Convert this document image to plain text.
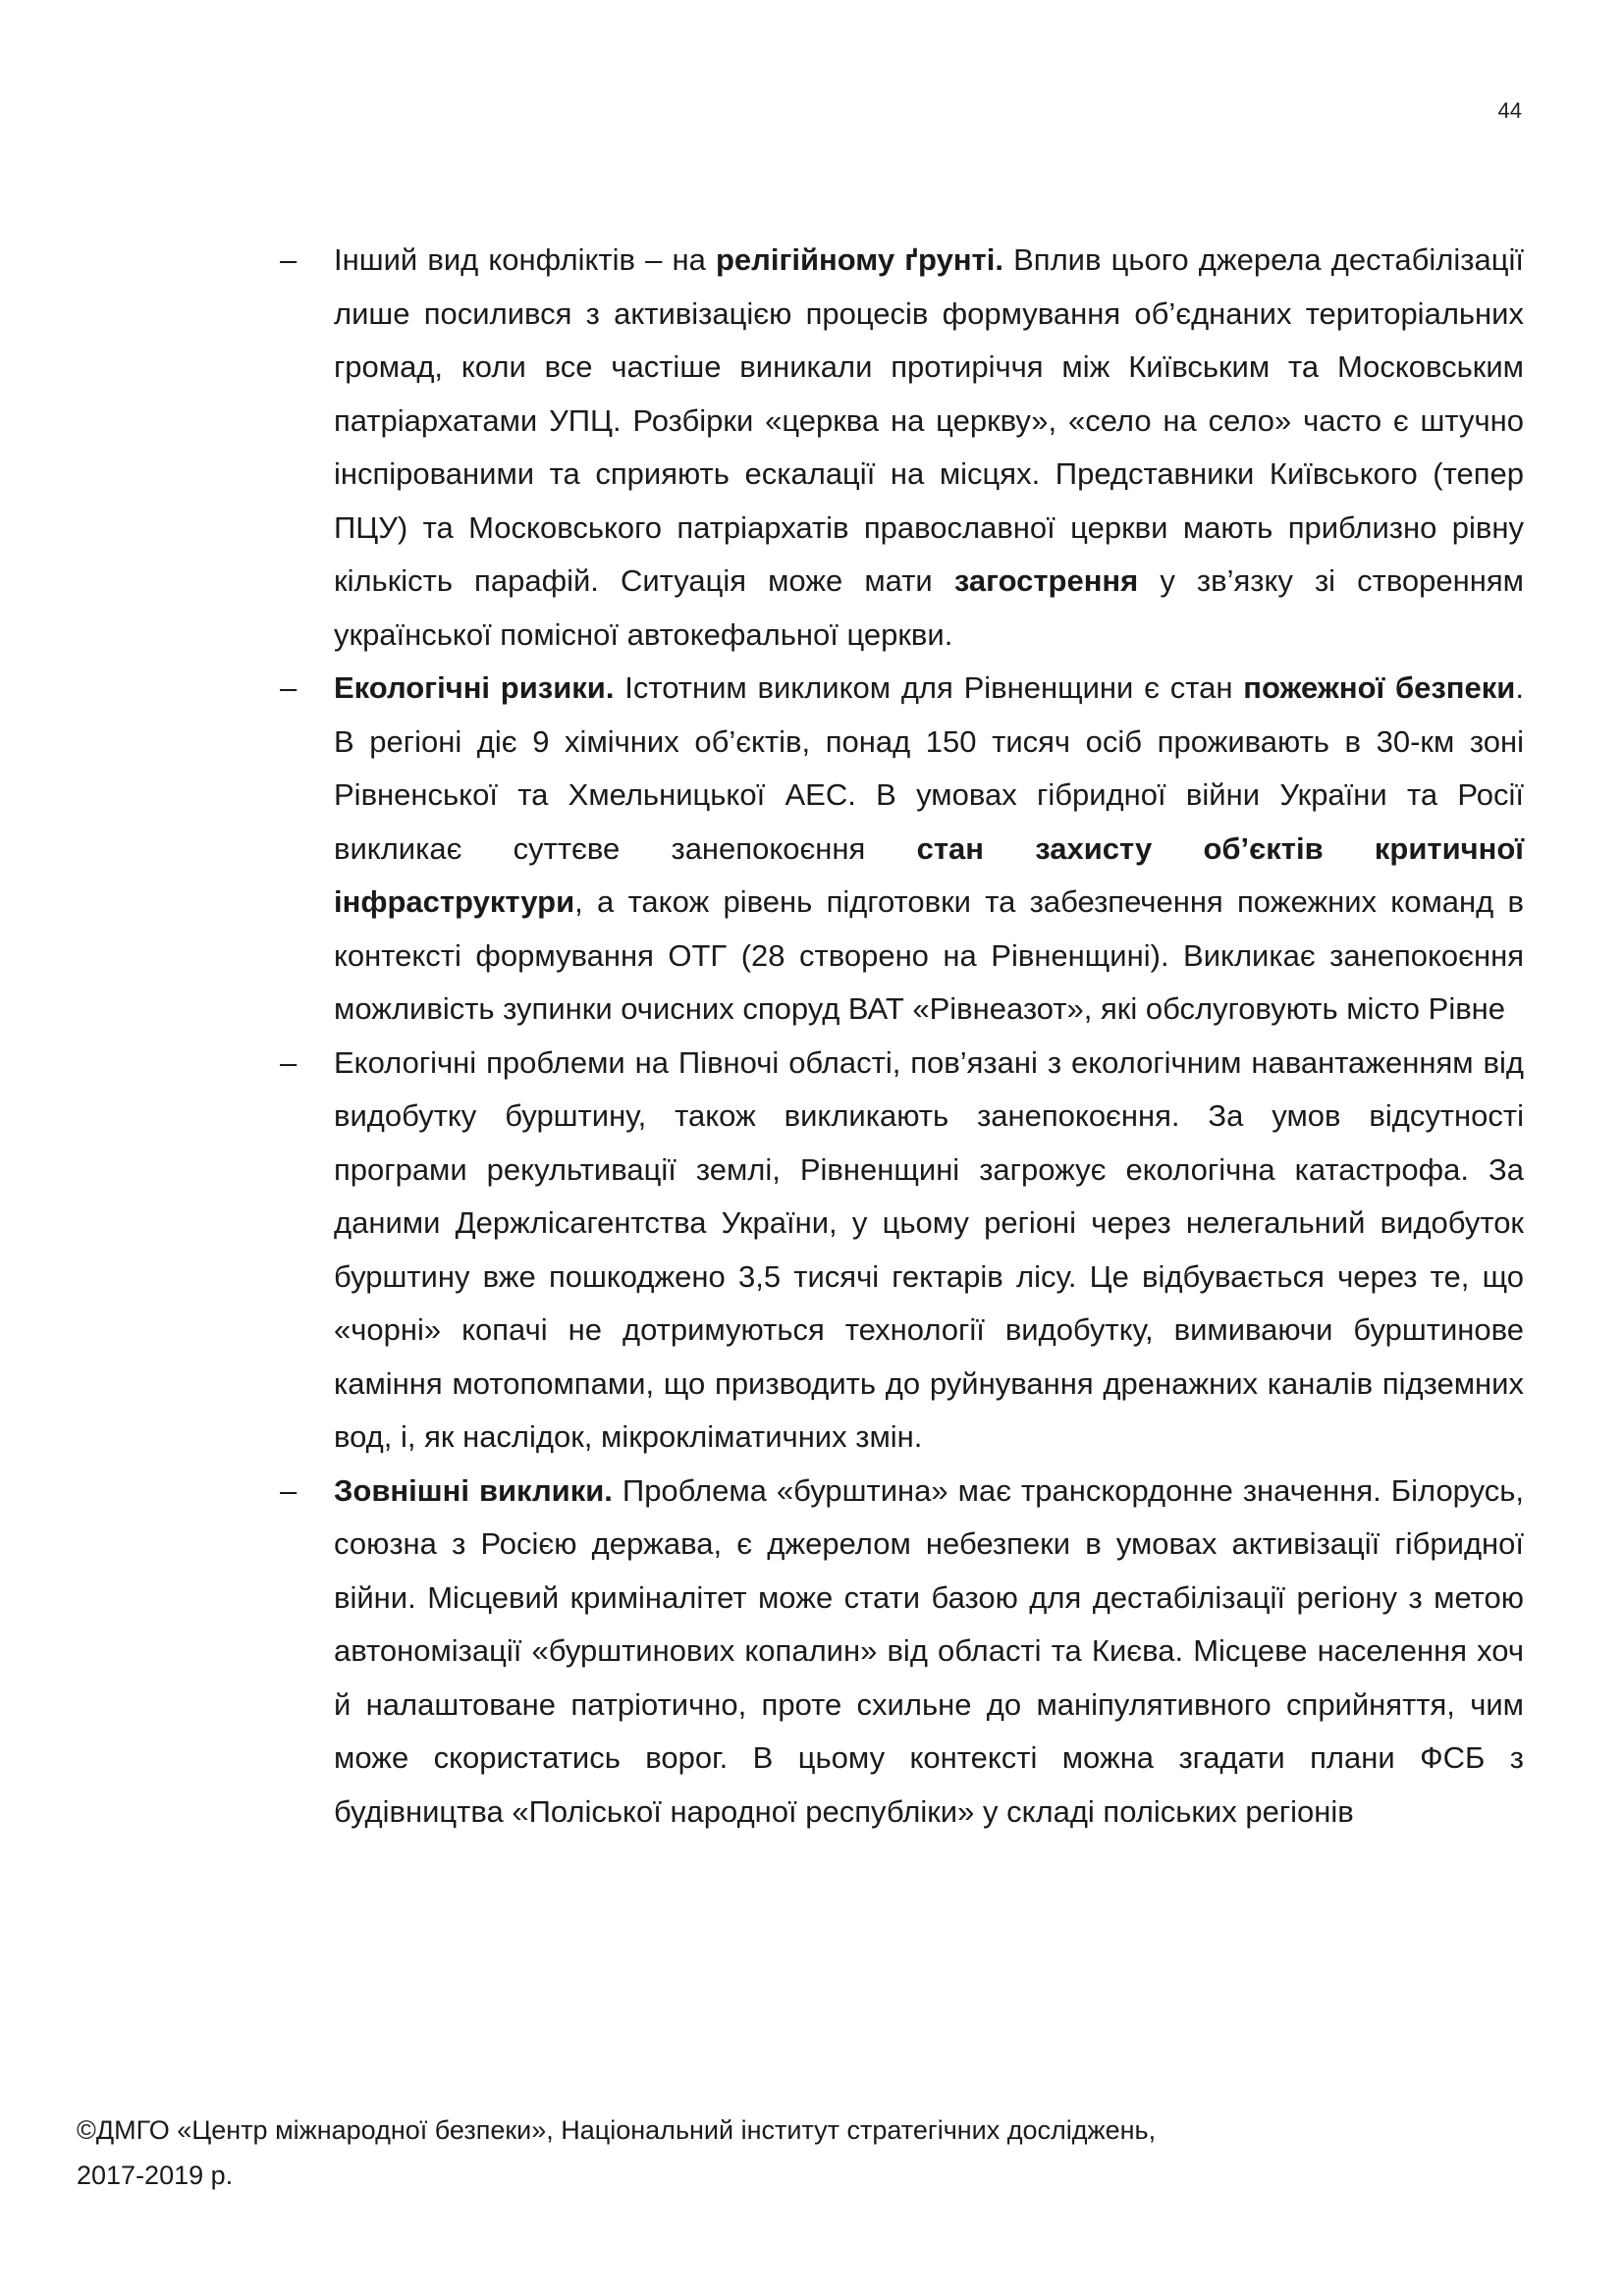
44
–	Інший вид конфліктів – на релігійному ґрунті. Вплив цього джерела дестабілізації лише посилився з активізацією процесів формування об’єднаних територіальних громад, коли все частіше виникали протиріччя між Київським та Московським патріархатами УПЦ. Розбірки «церква на церкву», «село на село» часто є штучно інспірованими та сприяють ескалації на місцях. Представники Київського (тепер ПЦУ) та Московського патріархатів православної церкви мають приблизно рівну кількість парафій. Ситуація може мати загострення у зв’язку зі створенням української помісної автокефальної церкви.
–	Екологічні ризики. Істотним викликом для Рівненщини є стан пожежної безпеки. В регіоні діє 9 хімічних об’єктів, понад 150 тисяч осіб проживають в 30-км зоні Рівненської та Хмельницької АЕС. В умовах гібридної війни України та Росії викликає суттєве занепокоєння стан захисту об’єктів критичної інфраструктури, а також рівень підготовки та забезпечення пожежних команд в контексті формування ОТГ (28 створено на Рівненщині). Викликає занепокоєння можливість зупинки очисних споруд ВАТ «Рівнеазот», які обслуговують місто Рівне
–	Екологічні проблеми на Півночі області, пов’язані з екологічним навантаженням від видобутку бурштину, також викликають занепокоєння. За умов відсутності програми рекультивації землі, Рівненщині загрожує екологічна катастрофа. За даними Держлісагентства України, у цьому регіоні через нелегальний видобуток бурштину вже пошкоджено 3,5 тисячі гектарів лісу. Це відбувається через те, що «чорні» копачі не дотримуються технології видобутку, вимиваючи бурштинове каміння мотопомпами, що призводить до руйнування дренажних каналів підземних вод, і, як наслідок, мікрокліматичних змін.
–	Зовнішні виклики. Проблема «бурштина» має транскордонне значення. Білорусь, союзна з Росією держава, є джерелом небезпеки в умовах активізації гібридної війни. Місцевий криміналітет може стати базою для дестабілізації регіону з метою автономізації «бурштинових копалин» від області та Києва. Місцеве населення хоч й налаштоване патріотично, проте схильне до маніпулятивного сприйняття, чим може скористатись ворог. В цьому контексті можна згадати плани ФСБ з будівництва «Поліської народної республіки» у складі поліських регіонів
©ДМГО «Центр міжнародної безпеки», Національний інститут стратегічних досліджень,
2017-2019 р.
